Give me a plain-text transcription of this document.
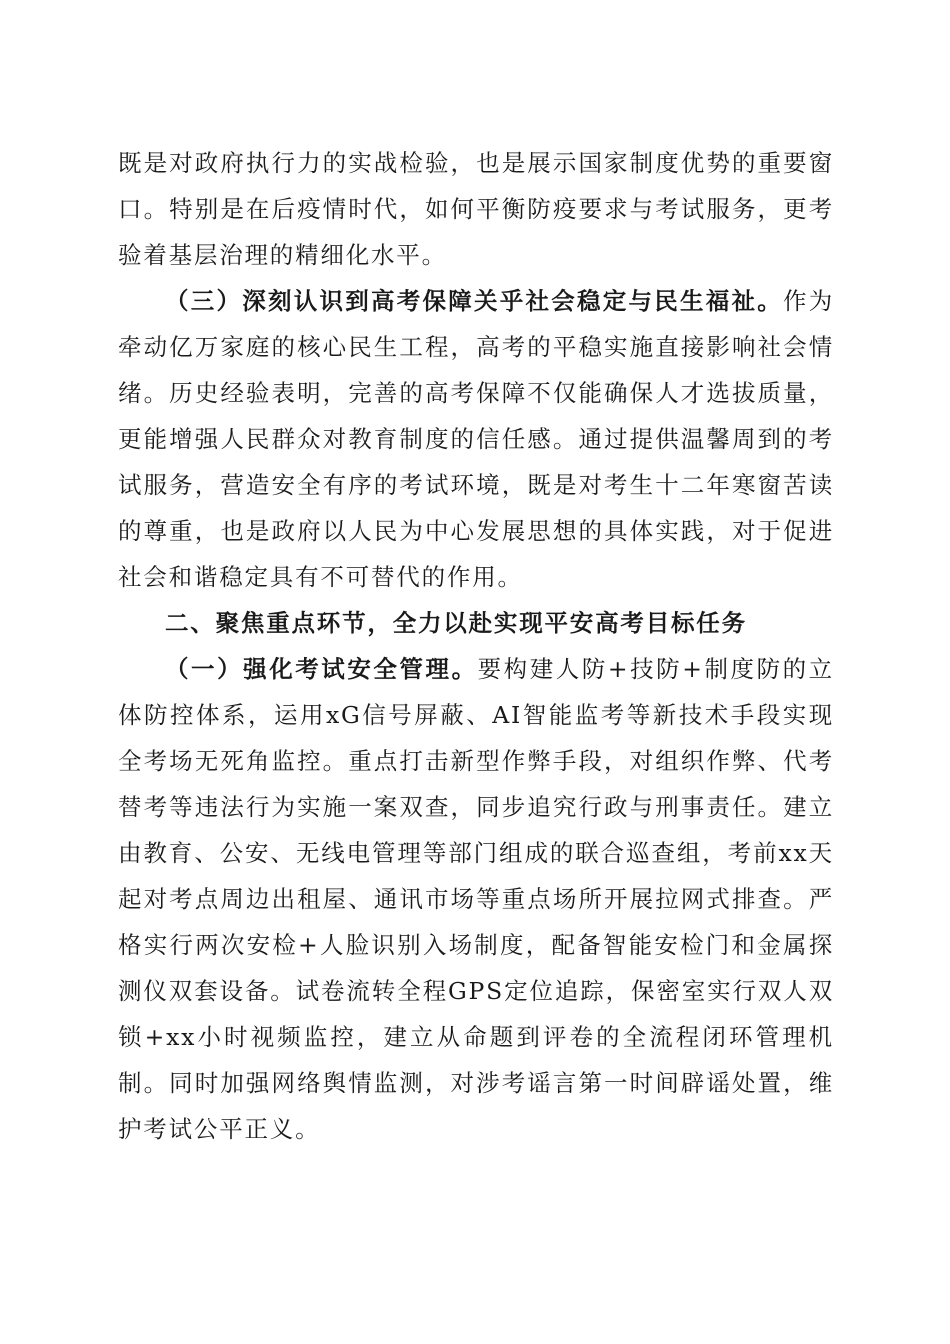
既是对政府执行力的实战检验，也是展示国家制度优势的重要窗口。特别是在后疫情时代，如何平衡防疫要求与考试服务，更考验着基层治理的精细化水平。

（三）深刻认识到高考保障关乎社会稳定与民生福祉。作为牵动亿万家庭的核心民生工程，高考的平稳实施直接影响社会情绪。历史经验表明，完善的高考保障不仅能确保人才选拔质量，更能增强人民群众对教育制度的信任感。通过提供温馨周到的考试服务，营造安全有序的考试环境，既是对考生十二年寒窗苦读的尊重，也是政府以人民为中心发展思想的具体实践，对于促进社会和谐稳定具有不可替代的作用。

二、聚焦重点环节，全力以赴实现平安高考目标任务

（一）强化考试安全管理。要构建人防+技防+制度防的立体防控体系，运用xG信号屏蔽、AI智能监考等新技术手段实现全考场无死角监控。重点打击新型作弊手段，对组织作弊、代考替考等违法行为实施一案双查，同步追究行政与刑事责任。建立由教育、公安、无线电管理等部门组成的联合巡查组，考前xx天起对考点周边出租屋、通讯市场等重点场所开展拉网式排查。严格实行两次安检+人脸识别入场制度，配备智能安检门和金属探测仪双套设备。试卷流转全程GPS定位追踪，保密室实行双人双锁+xx小时视频监控，建立从命题到评卷的全流程闭环管理机制。同时加强网络舆情监测，对涉考谣言第一时间辟谣处置，维护考试公平正义。
